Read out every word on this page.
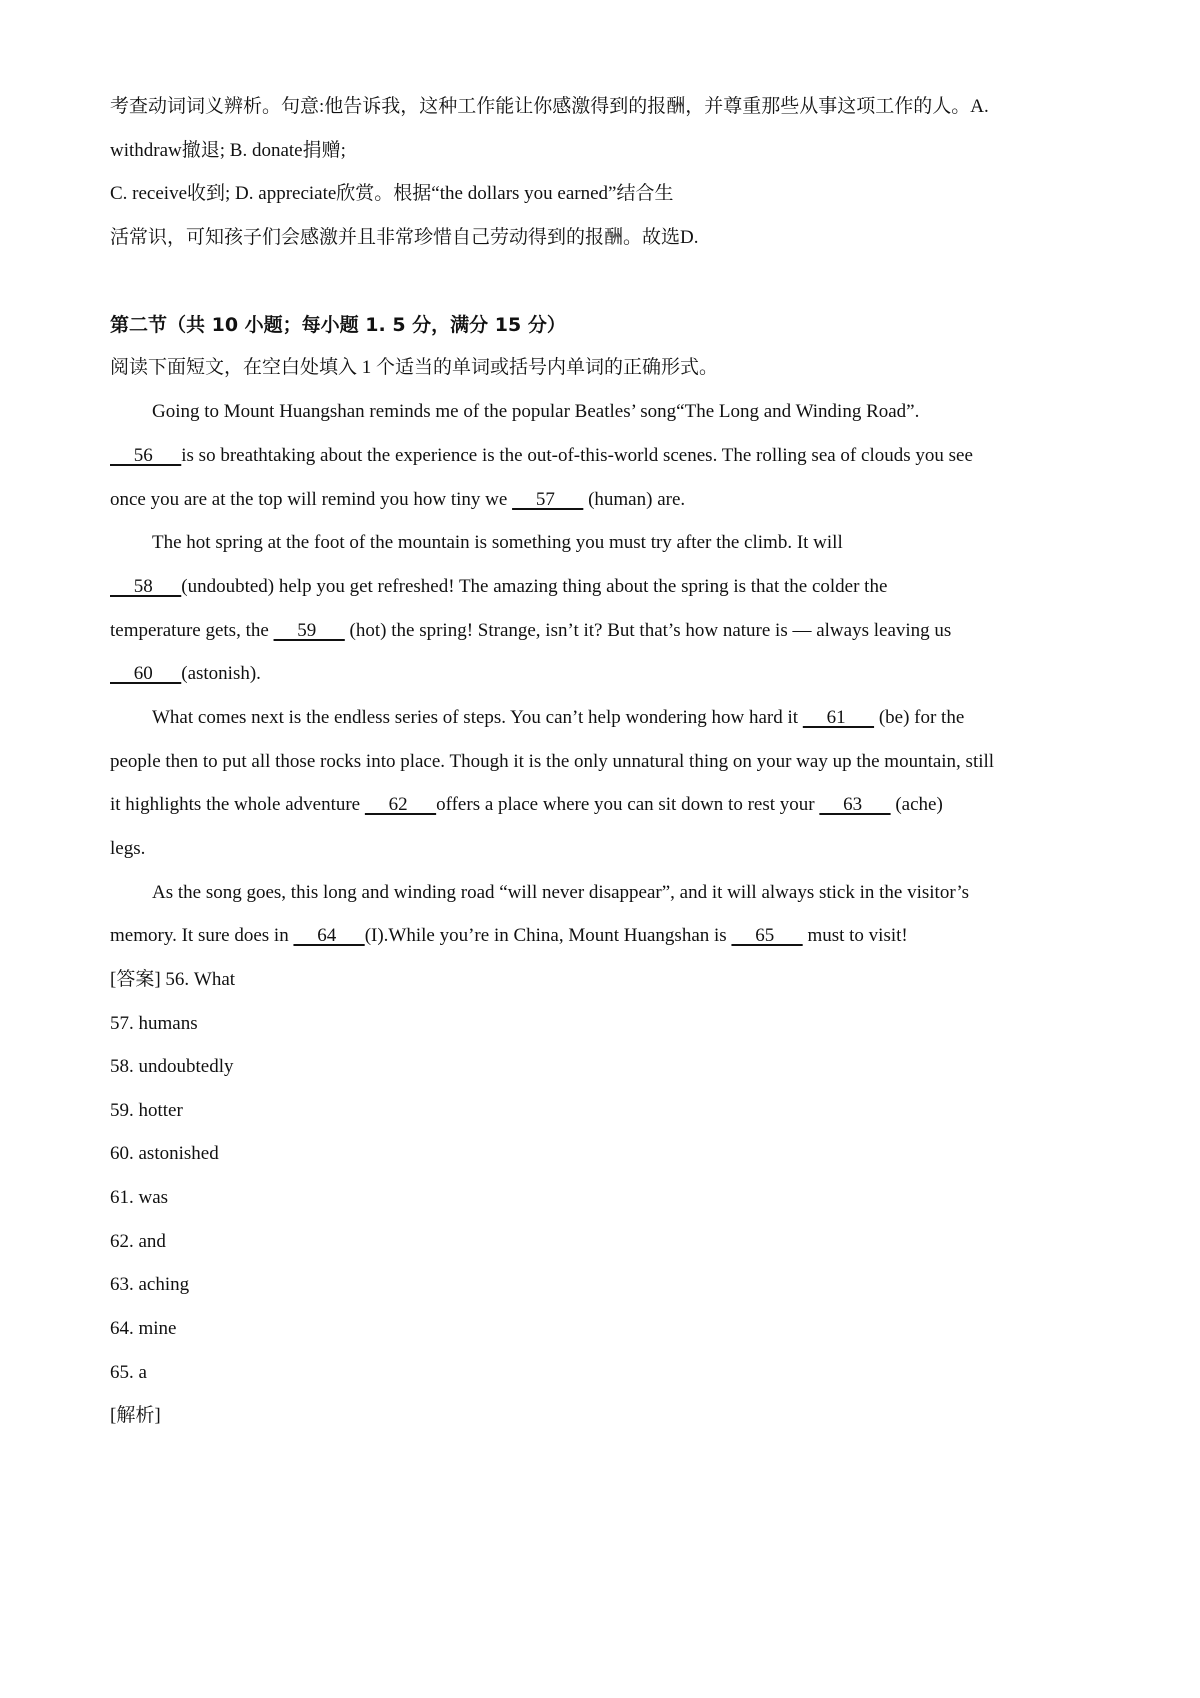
考查动词词义辨析。句意:他告诉我，这种工作能让你感激得到的报酬，并尊重那些从事这项工作的人。A.
withdraw撤退; B. donate捐赠;
C. receive收到; D. appreciate欣赏。根据“the dollars you earned”结合生
活常识，可知孩子们会感激并且非常珍惜自己劳动得到的报酬。故选D.
第二节（共 10 小题；每小题 1. 5 分，满分 15 分）
阅读下面短文，在空白处填入 1 个适当的单词或括号内单词的正确形式。
Going to Mount Huangshan reminds me of the popular Beatles’ song“The Long and Winding Road”.
56      is so breathtaking about the experience is the out-of-this-world scenes. The rolling sea of clouds you see
once you are at the top will remind you how tiny we      57       (human) are.
The hot spring at the foot of the mountain is something you must try after the climb. It will
58      (undoubted) help you get refreshed! The amazing thing about the spring is that the colder the
temperature gets, the      59       (hot) the spring! Strange, isn’t it? But that’s how nature is — always leaving us
60      (astonish).
What comes next is the endless series of steps. You can’t help wondering how hard it      61       (be) for the
people then to put all those rocks into place. Though it is the only unnatural thing on your way up the mountain, still
it highlights the whole adventure      62      offers a place where you can sit down to rest your      63       (ache)
legs.
As the song goes, this long and winding road “will never disappear”, and it will always stick in the visitor’s
memory. It sure does in      64      (I).While you’re in China, Mount Huangshan is      65       must to visit!
[答案] 56. What
57. humans
58. undoubtedly
59. hotter
60. astonished
61. was
62. and
63. aching
64. mine
65. a
[解析]
